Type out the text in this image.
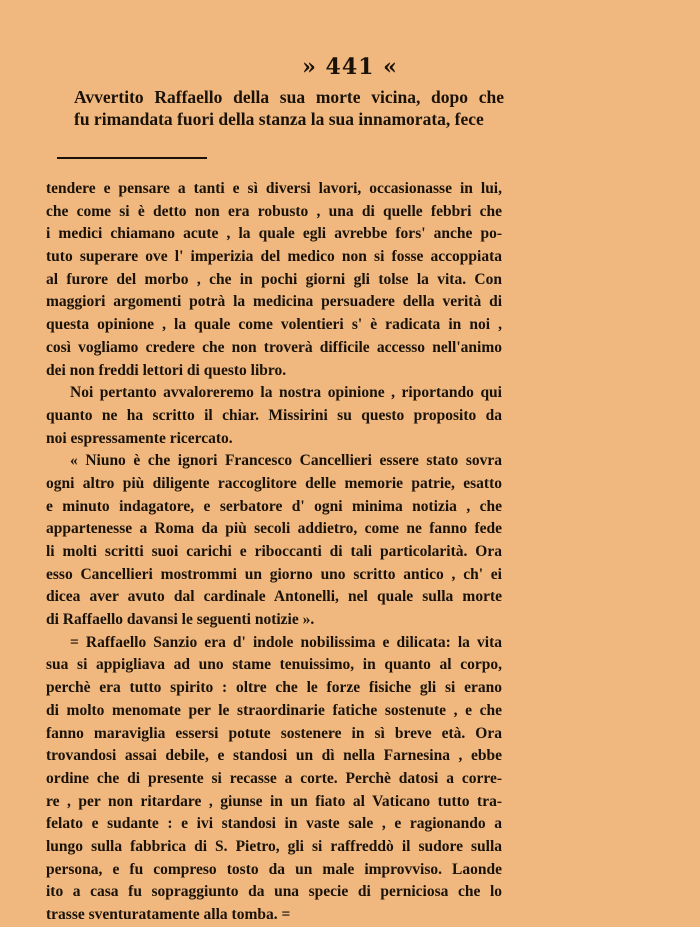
» 441 «
Avvertito Raffaello della sua morte vicina, dopo che
fu rimandata fuori della stanza la sua innamorata, fece
tendere e pensare a tanti e sì diversi lavori, occasionasse in lui,
che come si è detto non era robusto , una di quelle febbri che
i medici chiamano acute , la quale egli avrebbe fors' anche po-
tuto superare ove l' imperizia del medico non si fosse accoppiata
al furore del morbo , che in pochi giorni gli tolse la vita. Con
maggiori argomenti potrà la medicina persuadere della verità di
questa opinione , la quale come volentieri s' è radicata in noi ,
così vogliamo credere che non troverà difficile accesso nell'animo
dei non freddi lettori di questo libro.
Noi pertanto avvaloreremo la nostra opinione , riportando qui
quanto ne ha scritto il chiar. Missirini su questo proposito da
noi espressamente ricercato.
« Niuno è che ignori Francesco Cancellieri essere stato sovra
ogni altro più diligente raccoglitore delle memorie patrie, esatto
e minuto indagatore, e serbatore d' ogni minima notizia , che
appartenesse a Roma da più secoli addietro, come ne fanno fede
li molti scritti suoi carichi e riboccanti di tali particolarità. Ora
esso Cancellieri mostrommi un giorno uno scritto antico , ch' ei
dicea aver avuto dal cardinale Antonelli, nel quale sulla morte
di Raffaello davansi le seguenti notizie ».
= Raffaello Sanzio era d' indole nobilissima e dilicata: la vita
sua si appigliava ad uno stame tenuissimo, in quanto al corpo,
perchè era tutto spirito : oltre che le forze fisiche gli si erano
di molto menomate per le straordinarie fatiche sostenute , e che
fanno maraviglia essersi potute sostenere in sì breve età. Ora
trovandosi assai debile, e standosi un dì nella Farnesina , ebbe
ordine che di presente si recasse a corte. Perchè datosi a corre-
re , per non ritardare , giunse in un fiato al Vaticano tutto tra-
felato e sudante : e ivi standosi in vaste sale , e ragionando a
lungo sulla fabbrica di S. Pietro, gli si raffreddò il sudore sulla
persona, e fu compreso tosto da un male improvviso. Laonde
ito a casa fu sopraggiunto da una specie di perniciosa che lo
trasse sventuratamente alla tomba. =
